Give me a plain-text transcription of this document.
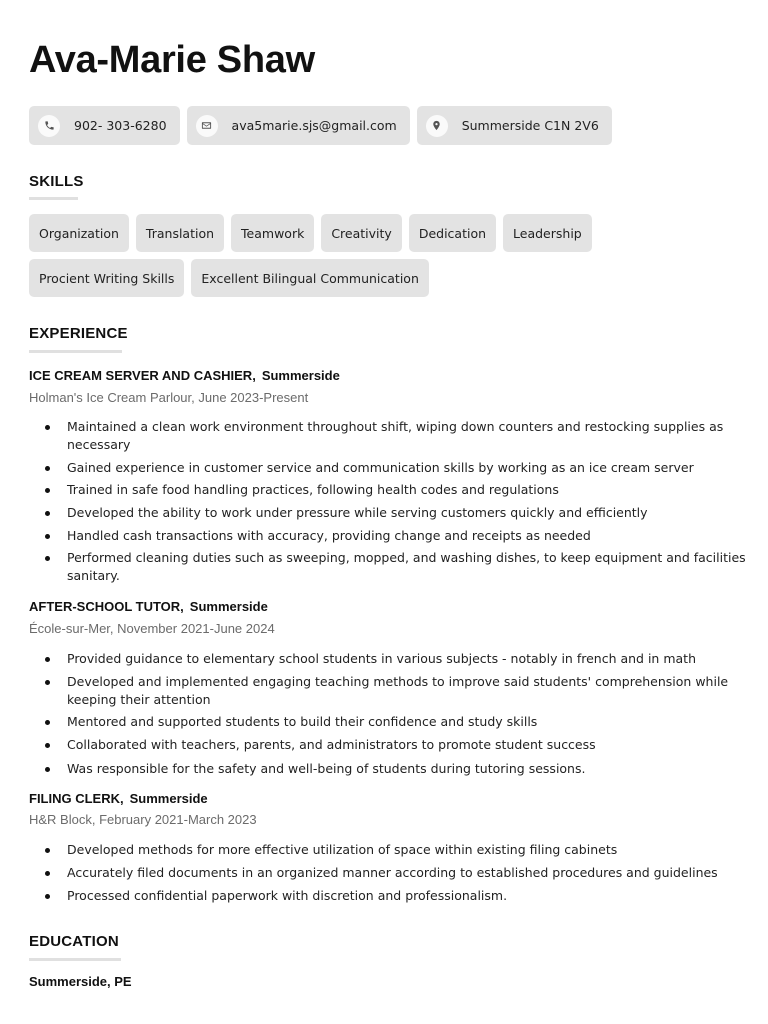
Ava-Marie Shaw
902- 303-6280	ava5marie.sjs@gmail.com	Summerside C1N 2V6
SKILLS
Organization	Translation	Teamwork	Creativity	Dedication	Leadership
Procient Writing Skills	Excellent Bilingual Communication
EXPERIENCE
ICE CREAM SERVER AND CASHIER, Summerside
Holman's Ice Cream Parlour, June 2023-Present
Maintained a clean work environment throughout shift, wiping down counters and restocking supplies as necessary
Gained experience in customer service and communication skills by working as an ice cream server
Trained in safe food handling practices, following health codes and regulations
Developed the ability to work under pressure while serving customers quickly and efficiently
Handled cash transactions with accuracy, providing change and receipts as needed
Performed cleaning duties such as sweeping, mopped, and washing dishes, to keep equipment and facilities sanitary.
AFTER-SCHOOL TUTOR, Summerside
École-sur-Mer, November 2021-June 2024
Provided guidance to elementary school students in various subjects - notably in french and in math
Developed and implemented engaging teaching methods to improve said students' comprehension while keeping their attention
Mentored and supported students to build their confidence and study skills
Collaborated with teachers, parents, and administrators to promote student success
Was responsible for the safety and well-being of students during tutoring sessions.
FILING CLERK, Summerside
H&R Block, February 2021-March 2023
Developed methods for more effective utilization of space within existing filing cabinets
Accurately filed documents in an organized manner according to established procedures and guidelines
Processed confidential paperwork with discretion and professionalism.
EDUCATION
Summerside, PE
